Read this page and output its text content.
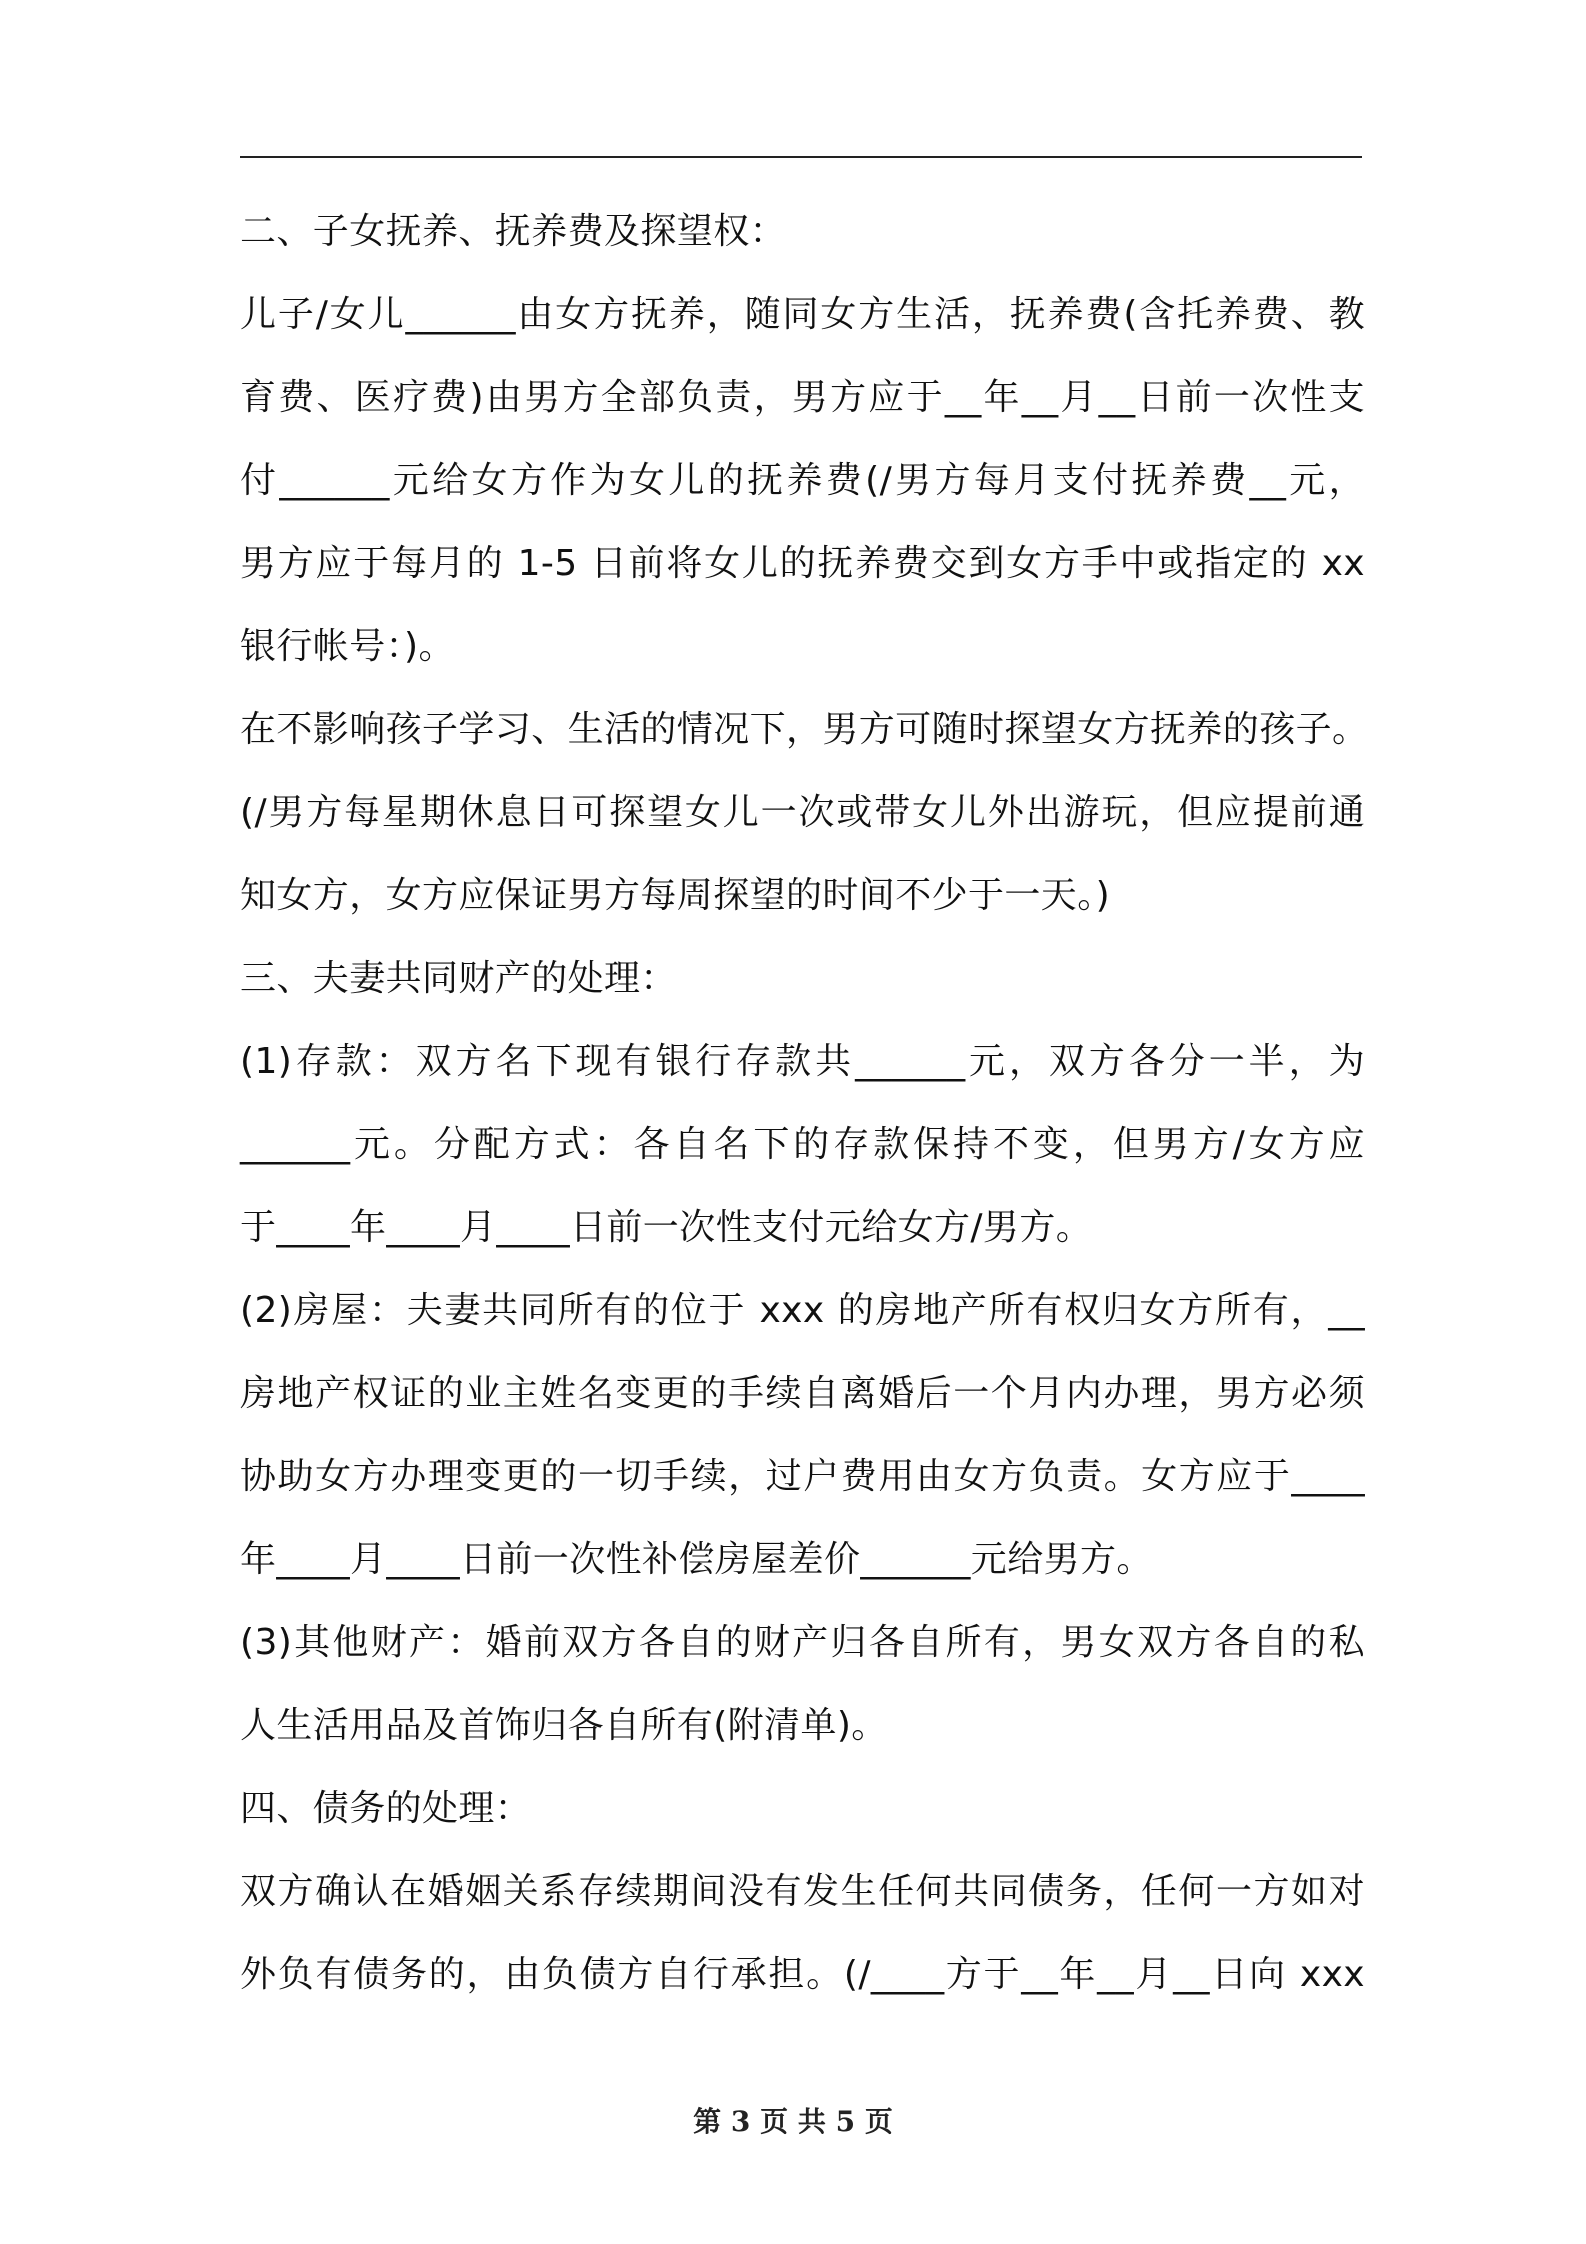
二、子女抚养、抚养费及探望权：
儿子/女儿______由女方抚养，随同女方生活，抚养费(含托养费、教
育费、医疗费)由男方全部负责，男方应于__年__月__日前一次性支
付______元给女方作为女儿的抚养费(/男方每月支付抚养费__元，
男方应于每月的 1-5 日前将女儿的抚养费交到女方手中或指定的 xx
银行帐号：)。
在不影响孩子学习、生活的情况下，男方可随时探望女方抚养的孩子。
(/男方每星期休息日可探望女儿一次或带女儿外出游玩，但应提前通
知女方，女方应保证男方每周探望的时间不少于一天。)
三、夫妻共同财产的处理：
(1)存款：双方名下现有银行存款共______元，双方各分一半，为
______元。分配方式：各自名下的存款保持不变，但男方/女方应
于____年____月____日前一次性支付元给女方/男方。
(2)房屋：夫妻共同所有的位于 xxx 的房地产所有权归女方所有，__
房地产权证的业主姓名变更的手续自离婚后一个月内办理，男方必须
协助女方办理变更的一切手续，过户费用由女方负责。女方应于____
年____月____日前一次性补偿房屋差价______元给男方。
(3)其他财产：婚前双方各自的财产归各自所有，男女双方各自的私
人生活用品及首饰归各自所有(附清单)。
四、债务的处理：
双方确认在婚姻关系存续期间没有发生任何共同债务，任何一方如对
外负有债务的，由负债方自行承担。(/____方于__年__月__日向 xxx
第 3 页 共 5 页
